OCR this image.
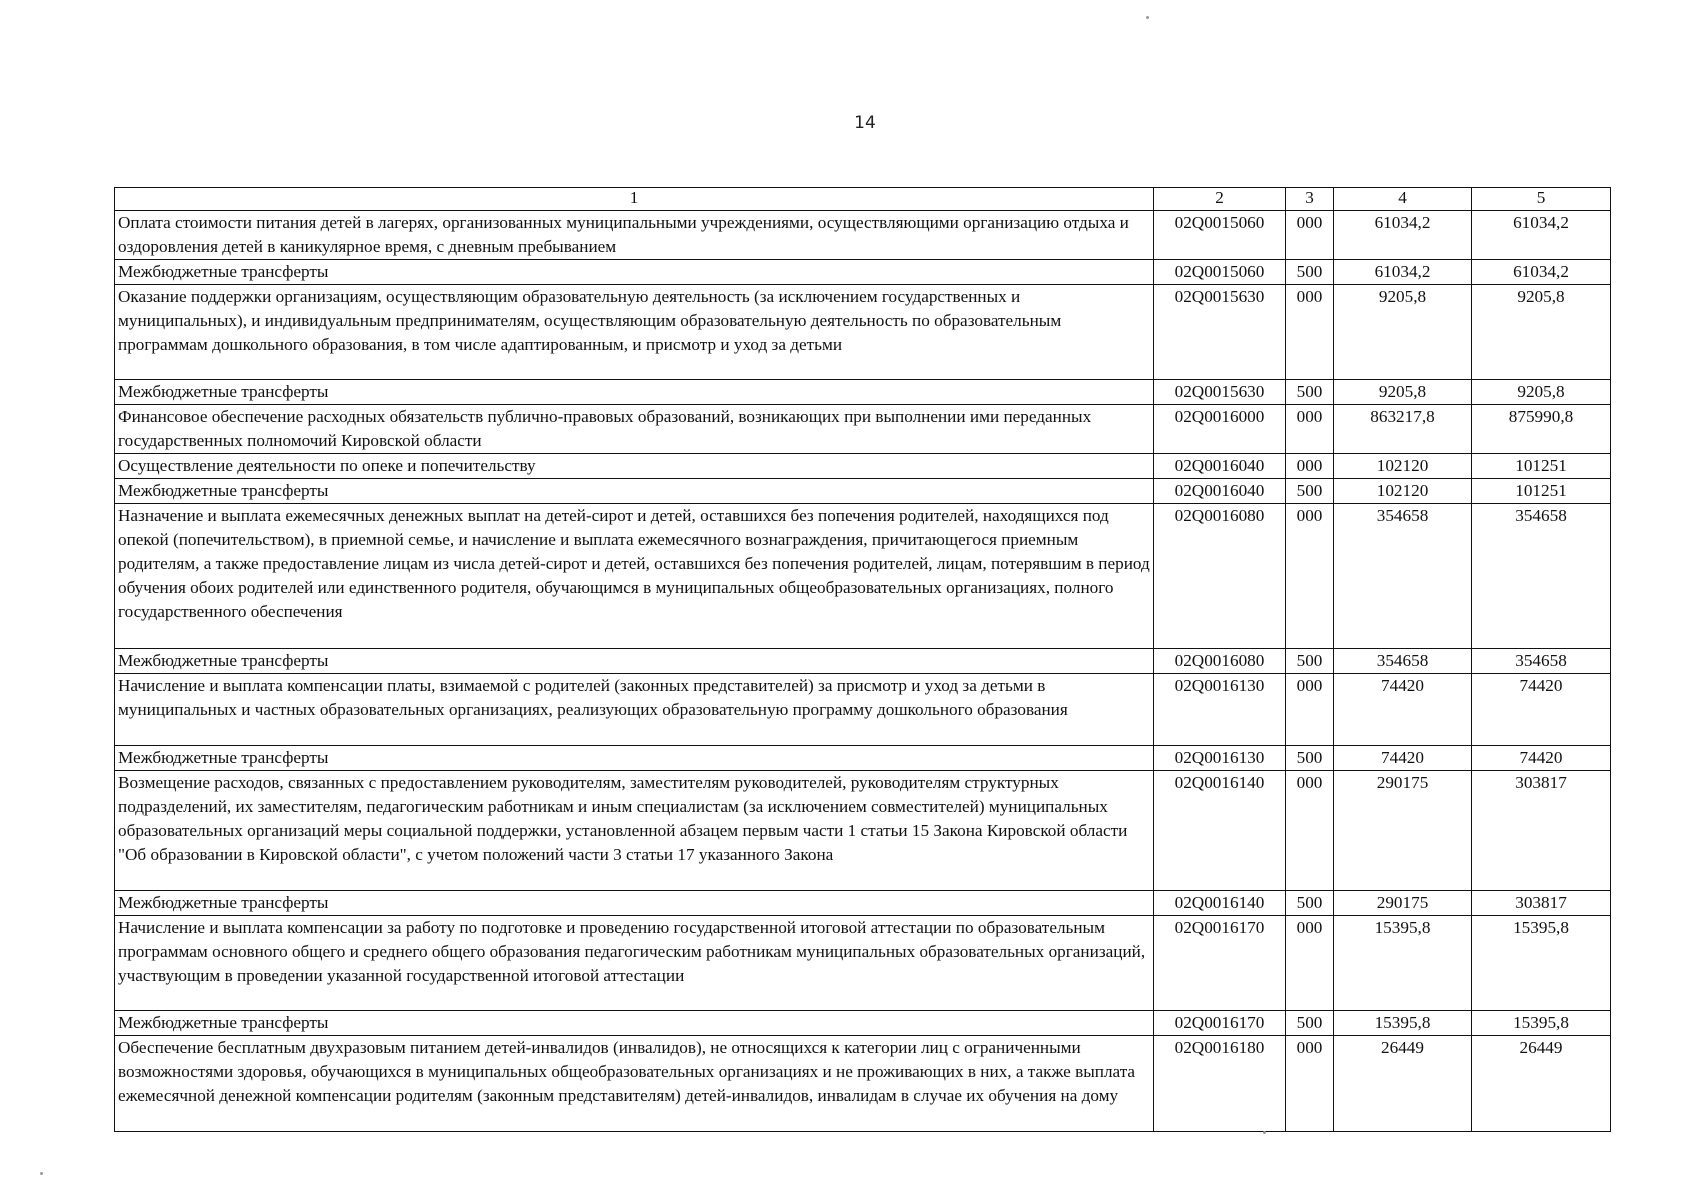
14
1	2	3	4	5
Оплата стоимости питания детей в лагерях, организованных муниципальными учреждениями, осуществляющими организацию отдыха и оздоровления детей в каникулярное время, с дневным пребыванием	02Q0015060	000	61034,2	61034,2
Межбюджетные трансферты	02Q0015060	500	61034,2	61034,2
Оказание поддержки организациям, осуществляющим образовательную деятельность (за исключением государственных и муниципальных), и индивидуальным предпринимателям, осуществляющим образовательную деятельность по образовательным программам дошкольного образования, в том числе адаптированным, и присмотр и уход за детьми	02Q0015630	000	9205,8	9205,8
Межбюджетные трансферты	02Q0015630	500	9205,8	9205,8
Финансовое обеспечение расходных обязательств публично-правовых образований, возникающих при выполнении ими переданных государственных полномочий Кировской области	02Q0016000	000	863217,8	875990,8
Осуществление деятельности по опеке и попечительству	02Q0016040	000	102120	101251
Межбюджетные трансферты	02Q0016040	500	102120	101251
Назначение и выплата ежемесячных денежных выплат на детей-сирот и детей, оставшихся без попечения родителей, находящихся под опекой (попечительством), в приемной семье, и начисление и выплата ежемесячного вознаграждения, причитающегося приемным родителям, а также предоставление лицам из числа детей-сирот и детей, оставшихся без попечения родителей, лицам, потерявшим в период обучения обоих родителей или единственного родителя, обучающимся в муниципальных общеобразовательных организациях, полного государственного обеспечения	02Q0016080	000	354658	354658
Межбюджетные трансферты	02Q0016080	500	354658	354658
Начисление и выплата компенсации платы, взимаемой с родителей (законных представителей) за присмотр и уход за детьми в муниципальных и частных образовательных организациях, реализующих образовательную программу дошкольного образования	02Q0016130	000	74420	74420
Межбюджетные трансферты	02Q0016130	500	74420	74420
Возмещение расходов, связанных с предоставлением руководителям, заместителям руководителей, руководителям структурных подразделений, их заместителям, педагогическим работникам и иным специалистам (за исключением совместителей) муниципальных образовательных организаций меры социальной поддержки, установленной абзацем первым части 1 статьи 15 Закона Кировской области "Об образовании в Кировской области", с учетом положений части 3 статьи 17 указанного Закона	02Q0016140	000	290175	303817
Межбюджетные трансферты	02Q0016140	500	290175	303817
Начисление и выплата компенсации за работу по подготовке и проведению государственной итоговой аттестации по образовательным программам основного общего и среднего общего образования педагогическим работникам муниципальных образовательных организаций, участвующим в проведении указанной государственной итоговой аттестации	02Q0016170	000	15395,8	15395,8
Межбюджетные трансферты	02Q0016170	500	15395,8	15395,8
Обеспечение бесплатным двухразовым питанием детей-инвалидов (инвалидов), не относящихся к категории лиц с ограниченными возможностями здоровья, обучающихся в муниципальных общеобразовательных организациях и не проживающих в них, а также выплата ежемесячной денежной компенсации родителям (законным представителям) детей-инвалидов, инвалидам в случае их обучения на дому	02Q0016180	000	26449	26449
